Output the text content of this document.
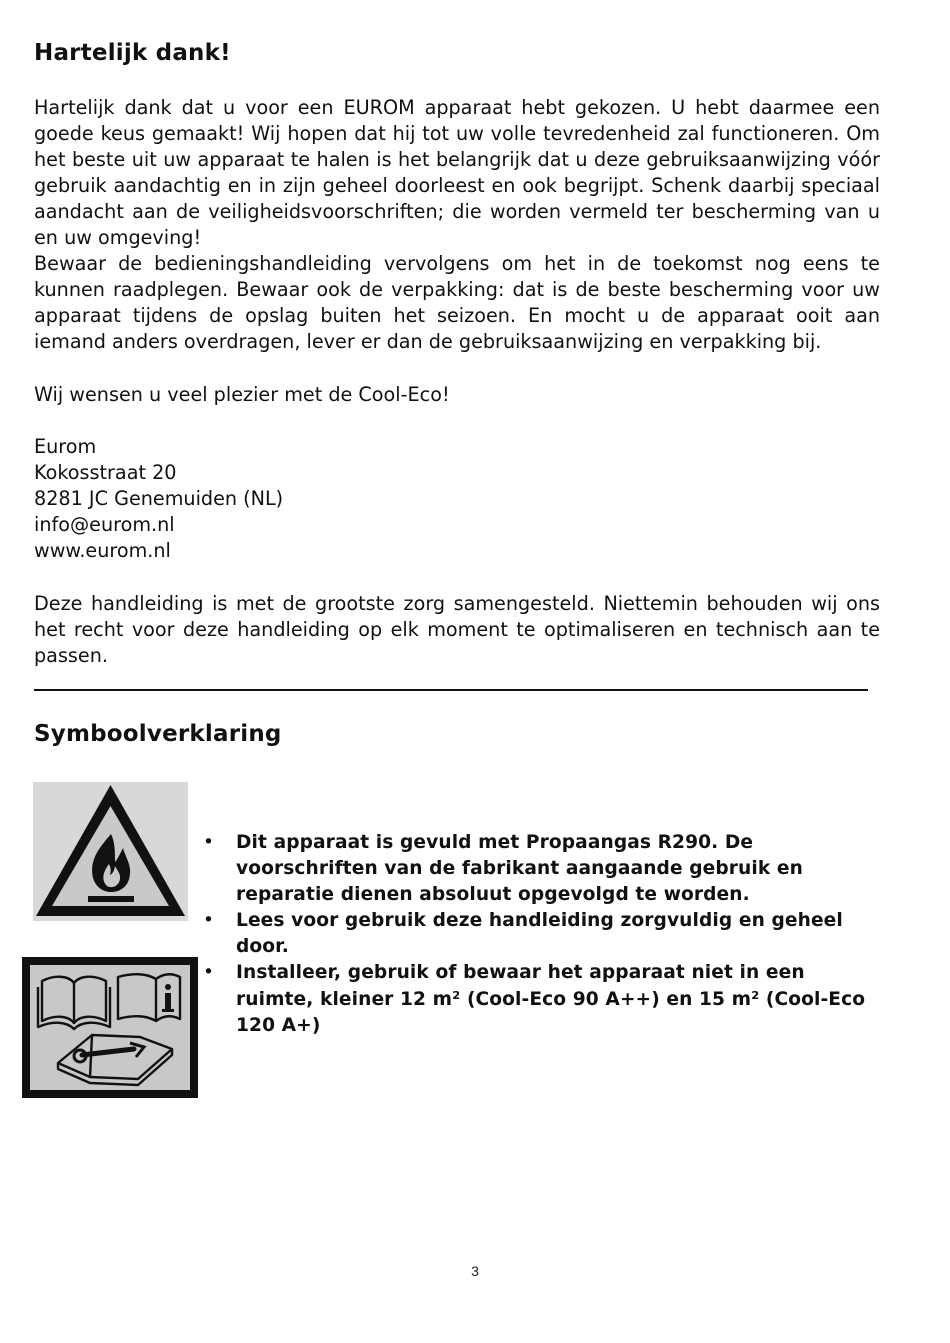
Hartelijk dank!

Hartelijk dank dat u voor een EUROM apparaat hebt gekozen. U hebt daarmee een goede keus gemaakt! Wij hopen dat hij tot uw volle tevredenheid zal functioneren. Om het beste uit uw apparaat te halen is het belangrijk dat u deze gebruiksaanwijzing vóór gebruik aandachtig en in zijn geheel doorleest en ook begrijpt. Schenk daarbij speciaal aandacht aan de veiligheidsvoorschriften; die worden vermeld ter bescherming van u en uw omgeving!

Bewaar de bedieningshandleiding vervolgens om het in de toekomst nog eens te kunnen raadplegen. Bewaar ook de verpakking: dat is de beste bescherming voor uw apparaat tijdens de opslag buiten het seizoen. En mocht u de apparaat ooit aan iemand anders overdragen, lever er dan de gebruiksaanwijzing en verpakking bij.

Wij wensen u veel plezier met de Cool-Eco!

Eurom

Kokosstraat 20

8281 JC Genemuiden (NL)

info@eurom.nl

www.eurom.nl

Deze handleiding is met de grootste zorg samengesteld. Niettemin behouden wij ons het recht voor deze handleiding op elk moment te optimaliseren en technisch aan te passen.

Symboolverklaring
• Dit apparaat is gevuld met Propaangas R290. De voorschriften van de fabrikant aangaande gebruik en reparatie dienen absoluut opgevolgd te worden.
• Lees voor gebruik deze handleiding zorgvuldig en geheel door.
• Installeer, gebruik of bewaar het apparaat niet in een ruimte, kleiner 12 m² (Cool-Eco 90 A++) en 15 m² (Cool-Eco 120 A+)
3
